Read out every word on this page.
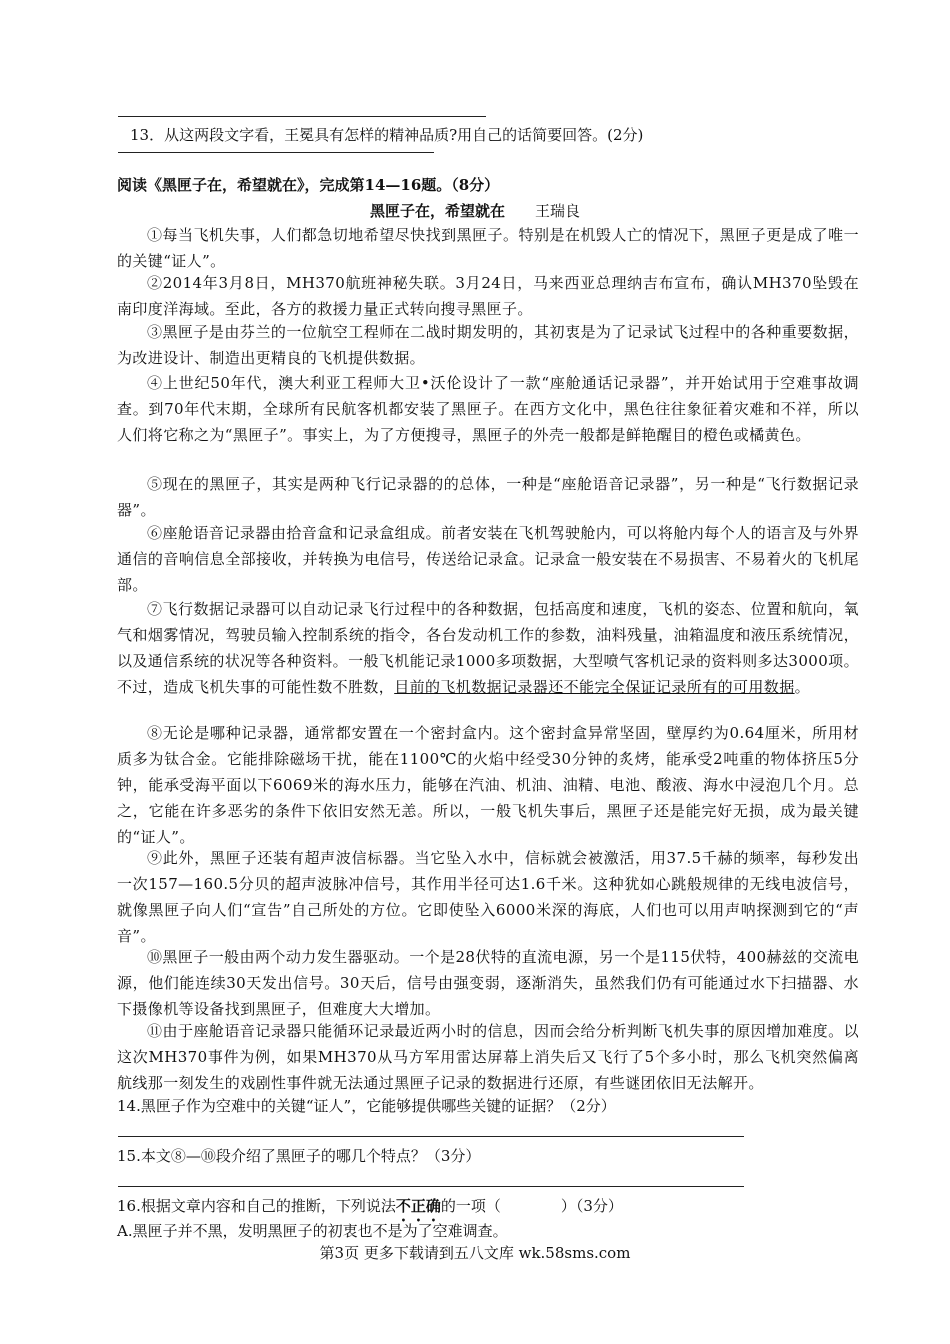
13．从这两段文字看，王冕具有怎样的精神品质?用自己的话简要回答。(2分)
阅读《黑匣子在，希望就在》，完成第14—16题。（8分）
黑匣子在，希望就在 王瑞良
①每当飞机失事，人们都急切地希望尽快找到黑匣子。特别是在机毁人亡的情况下，黑匣子更是成了唯一的关键“证人”。
②2014年3月8日，MH370航班神秘失联。3月24日，马来西亚总理纳吉布宣布，确认MH370坠毁在南印度洋海域。至此，各方的救援力量正式转向搜寻黑匣子。
③黑匣子是由芬兰的一位航空工程师在二战时期发明的，其初衷是为了记录试飞过程中的各种重要数据，为改进设计、制造出更精良的飞机提供数据。
④上世纪50年代，澳大利亚工程师大卫•沃伦设计了一款“座舱通话记录器”，并开始试用于空难事故调查。到70年代末期，全球所有民航客机都安装了黑匣子。在西方文化中，黑色往往象征着灾难和不祥，所以人们将它称之为“黑匣子”。事实上，为了方便搜寻，黑匣子的外壳一般都是鲜艳醒目的橙色或橘黄色。
⑤现在的黑匣子，其实是两种飞行记录器的的总体，一种是“座舱语音记录器”，另一种是“飞行数据记录器”。
⑥座舱语音记录器由拾音盒和记录盒组成。前者安装在飞机驾驶舱内，可以将舱内每个人的语言及与外界通信的音响信息全部接收，并转换为电信号，传送给记录盒。记录盒一般安装在不易损害、不易着火的飞机尾部。
⑦飞行数据记录器可以自动记录飞行过程中的各种数据，包括高度和速度，飞机的姿态、位置和航向，氧气和烟雾情况，驾驶员输入控制系统的指令，各台发动机工作的参数，油料残量，油箱温度和液压系统情况，以及通信系统的状况等各种资料。一般飞机能记录1000多项数据，大型喷气客机记录的资料则多达3000项。不过，造成飞机失事的可能性数不胜数，目前的飞机数据记录器还不能完全保证记录所有的可用数据。
⑧无论是哪种记录器，通常都安置在一个密封盒内。这个密封盒异常坚固，壁厚约为0.64厘米，所用材质多为钛合金。它能排除磁场干扰，能在1100℃的火焰中经受30分钟的炙烤，能承受2吨重的物体挤压5分钟，能承受海平面以下6069米的海水压力，能够在汽油、机油、油精、电池、酸液、海水中浸泡几个月。总之，它能在许多恶劣的条件下依旧安然无恙。所以，一般飞机失事后，黑匣子还是能完好无损，成为最关键的“证人”。
⑨此外，黑匣子还装有超声波信标器。当它坠入水中，信标就会被激活，用37.5千赫的频率，每秒发出一次157—160.5分贝的超声波脉冲信号，其作用半径可达1.6千米。这种犹如心跳般规律的无线电波信号，就像黑匣子向人们“宣告”自己所处的方位。它即使坠入6000米深的海底，人们也可以用声呐探测到它的“声音”。
⑩黑匣子一般由两个动力发生器驱动。一个是28伏特的直流电源，另一个是115伏特，400赫兹的交流电源，他们能连续30天发出信号。30天后，信号由强变弱，逐渐消失，虽然我们仍有可能通过水下扫描器、水下摄像机等设备找到黑匣子，但难度大大增加。
⑪由于座舱语音记录器只能循环记录最近两小时的信息，因而会给分析判断飞机失事的原因增加难度。以这次MH370事件为例，如果MH370从马方军用雷达屏幕上消失后又飞行了5个多小时，那么飞机突然偏离航线那一刻发生的戏剧性事件就无法通过黑匣子记录的数据进行还原，有些谜团依旧无法解开。
14.黑匣子作为空难中的关键“证人”，它能够提供哪些关键的证据？（2分）
15.本文⑧—⑩段介绍了黑匣子的哪几个特点？（3分）
16.根据文章内容和自己的推断，下列说法不正确的一项（　　　　）（3分）
A.黑匣子并不黑，发明黑匣子的初衷也不是为了空难调查。
第3页 更多下载请到五八文库 wk.58sms.com
